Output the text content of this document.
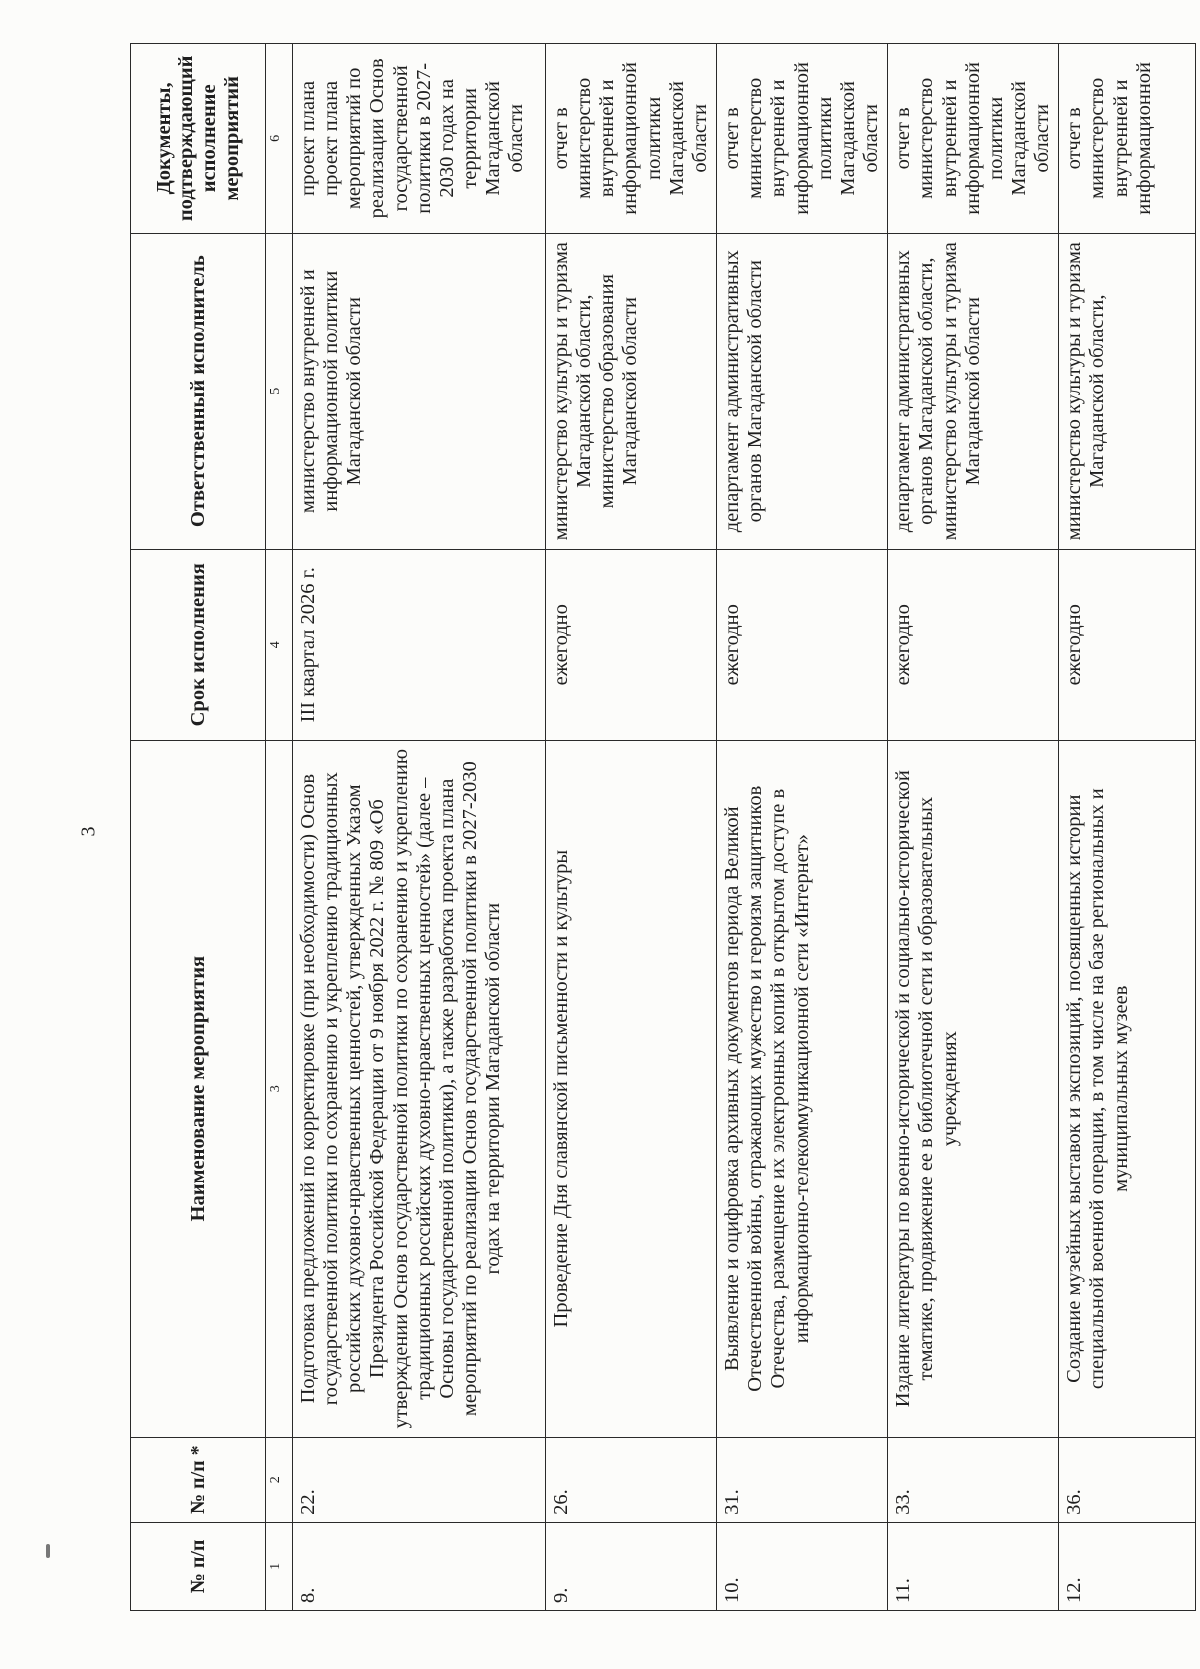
3
№ п/п	№ п/п *	Наименование мероприятия	Срок исполнения	Ответственный исполнитель	Документы, подтверждающий исполнение мероприятий
1	2	3	4	5	6
8.	22.	Подготовка предложений по корректировке (при необходимости) Основ государственной политики по сохранению и укреплению традиционных российских духовно-нравственных ценностей, утвержденных Указом Президента Российской Федерации от 9 ноября 2022 г. № 809 «Об утверждении Основ государственной политики по сохранению и укреплению традиционных российских духовно-нравственных ценностей» (далее – Основы государственной политики), а также разработка проекта плана мероприятий по реализации Основ государственной политики в 2027-2030 годах на территории Магаданской области	III квартал 2026 г.	министерство внутренней и информационной политики Магаданской области	проект плана проект плана мероприятий по реализации Основ государственной политики в 2027-2030 годах на территории Магаданской области
9.	26.	Проведение Дня славянской письменности и культуры	ежегодно	министерство культуры и туризма Магаданской области, министерство образования Магаданской области	отчет в министерство внутренней и информационной политики Магаданской области
10.	31.	Выявление и оцифровка архивных документов периода Великой Отечественной войны, отражающих мужество и героизм защитников Отечества, размещение их электронных копий в открытом доступе в информационно-телекоммуникационной сети «Интернет»	ежегодно	департамент административных органов Магаданской области	отчет в министерство внутренней и информационной политики Магаданской области
11.	33.	Издание литературы по военно-исторической и социально-исторической тематике, продвижение ее в библиотечной сети и образовательных учреждениях	ежегодно	департамент административных органов Магаданской области, министерство культуры и туризма Магаданской области	отчет в министерство внутренней и информационной политики Магаданской области
12.	36.	Создание музейных выставок и экспозиций, посвященных истории специальной военной операции, в том числе на базе региональных и муниципальных музеев	ежегодно	министерство культуры и туризма Магаданской области,	отчет в министерство внутренней и информационной
